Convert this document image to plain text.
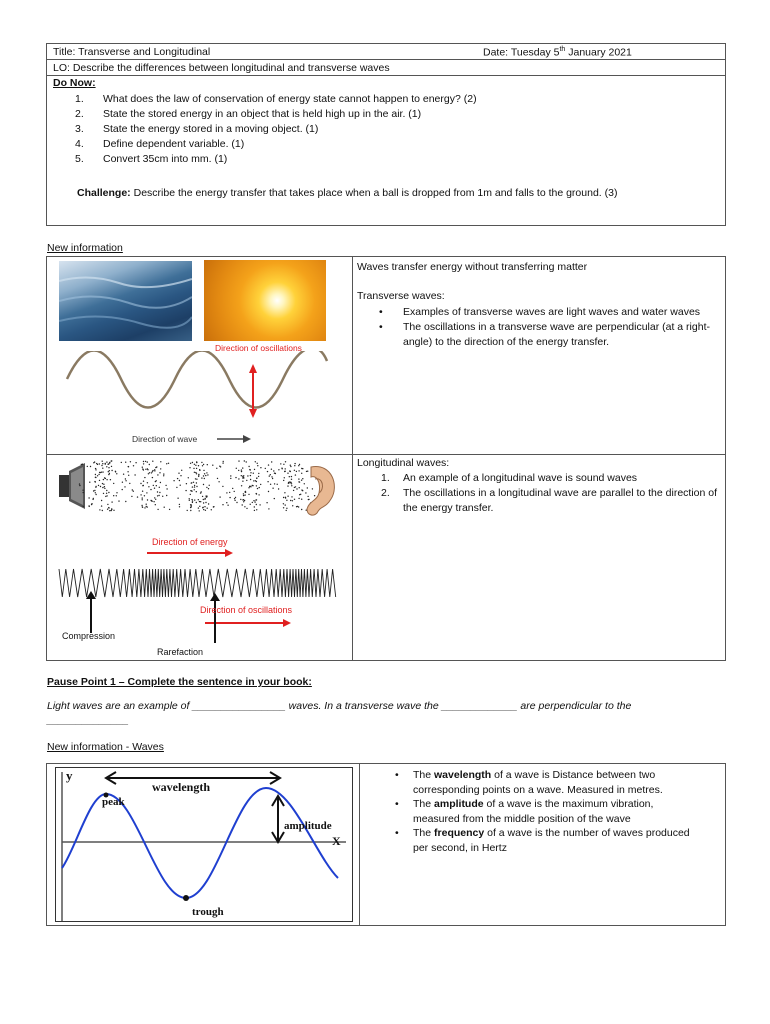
Title: Transverse and Longitudinal	Date: Tuesday 5th January 2021
LO: Describe the differences between longitudinal and transverse waves
Do Now:
1. What does the law of conservation of energy state cannot happen to energy? (2)
2. State the stored energy in an object that is held high up in the air. (1)
3. State the energy stored in a moving object. (1)
4. Define dependent variable. (1)
5. Convert 35cm into mm. (1)
Challenge: Describe the energy transfer that takes place when a ball is dropped from 1m and falls to the ground. (3)
New information
Direction of oscillations
Direction of wave
Waves transfer energy without transferring matter
Transverse waves:
• Examples of transverse waves are light waves and water waves
• The oscillations in a transverse wave are perpendicular (at a right-angle) to the direction of the energy transfer.
Direction of energy
Direction of oscillations
Compression
Rarefaction
Longitudinal waves:
1. An example of a longitudinal wave is sound waves
2. The oscillations in a longitudinal wave are parallel to the direction of the energy transfer.
Pause Point 1 – Complete the sentence in your book:
Light waves are an example of ________________ waves. In a transverse wave the _____________ are perpendicular to the
______________
New information - Waves
y
X
wavelength
peak
amplitude
trough
• The wavelength of a wave is Distance between two corresponding points on a wave. Measured in metres.
• The amplitude of a wave is the maximum vibration, measured from the middle position of the wave
• The frequency of a wave is the number of waves produced per second, in Hertz
